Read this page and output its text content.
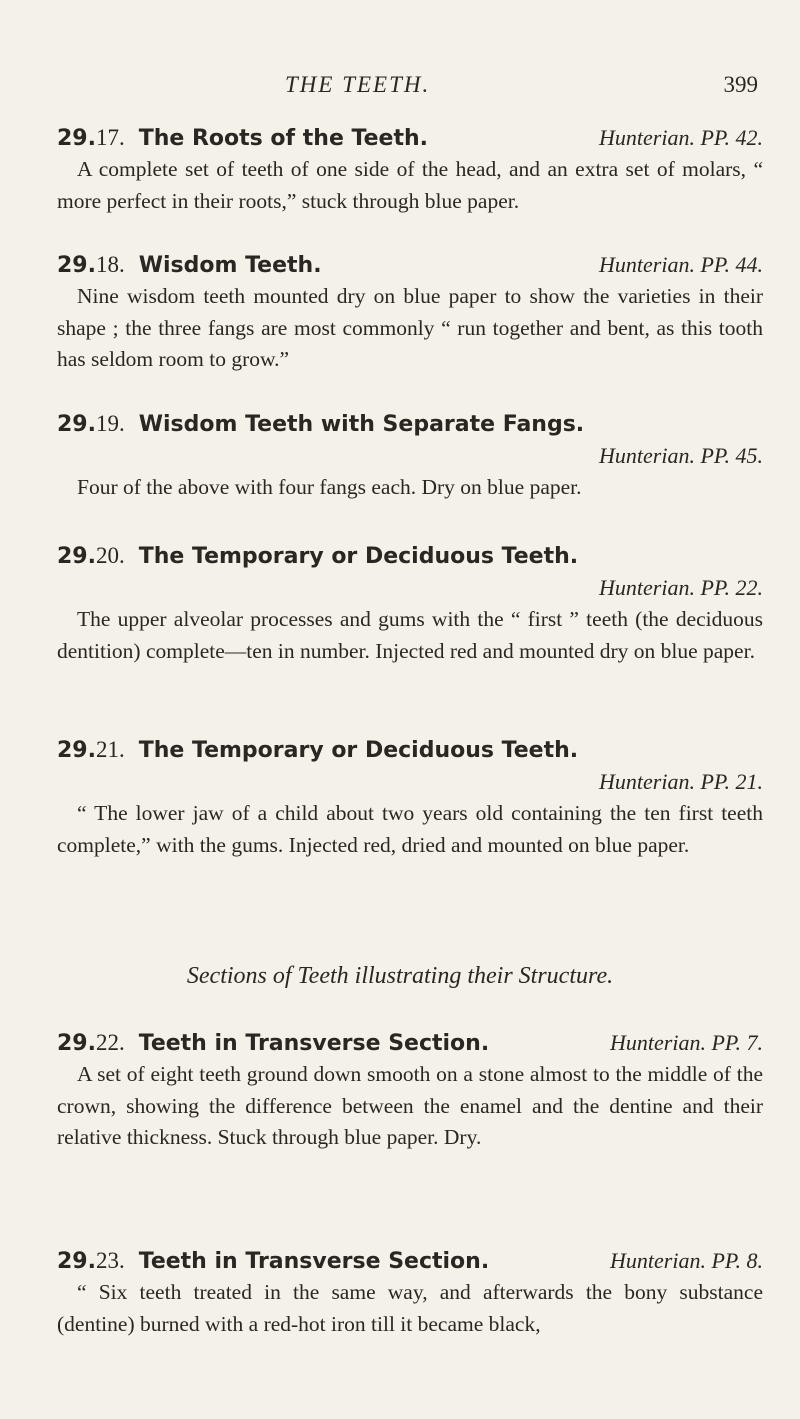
THE TEETH.	399
29.17. The Roots of the Teeth.	Hunterian. PP. 42.

A complete set of teeth of one side of the head, and an extra set of molars, “ more perfect in their roots,” stuck through blue paper.

29.18. Wisdom Teeth.	Hunterian. PP. 44.

Nine wisdom teeth mounted dry on blue paper to show the varieties in their shape ; the three fangs are most commonly “ run together and bent, as this tooth has seldom room to grow.”

29.19. Wisdom Teeth with Separate Fangs.
Hunterian. PP. 45.

Four of the above with four fangs each. Dry on blue paper.

29.20. The Temporary or Deciduous Teeth.
Hunterian. PP. 22.

The upper alveolar processes and gums with the “ first ” teeth (the deciduous dentition) complete—ten in number. Injected red and mounted dry on blue paper.

29.21. The Temporary or Deciduous Teeth.
Hunterian. PP. 21.

“ The lower jaw of a child about two years old containing the ten first teeth complete,” with the gums. Injected red, dried and mounted on blue paper.

Sections of Teeth illustrating their Structure.
29.22. Teeth in Transverse Section.	Hunterian. PP. 7.

A set of eight teeth ground down smooth on a stone almost to the middle of the crown, showing the difference between the enamel and the dentine and their relative thickness. Stuck through blue paper. Dry.

29.23. Teeth in Transverse Section.	Hunterian. PP. 8.

“ Six teeth treated in the same way, and afterwards the bony substance (dentine) burned with a red-hot iron till it became black,
